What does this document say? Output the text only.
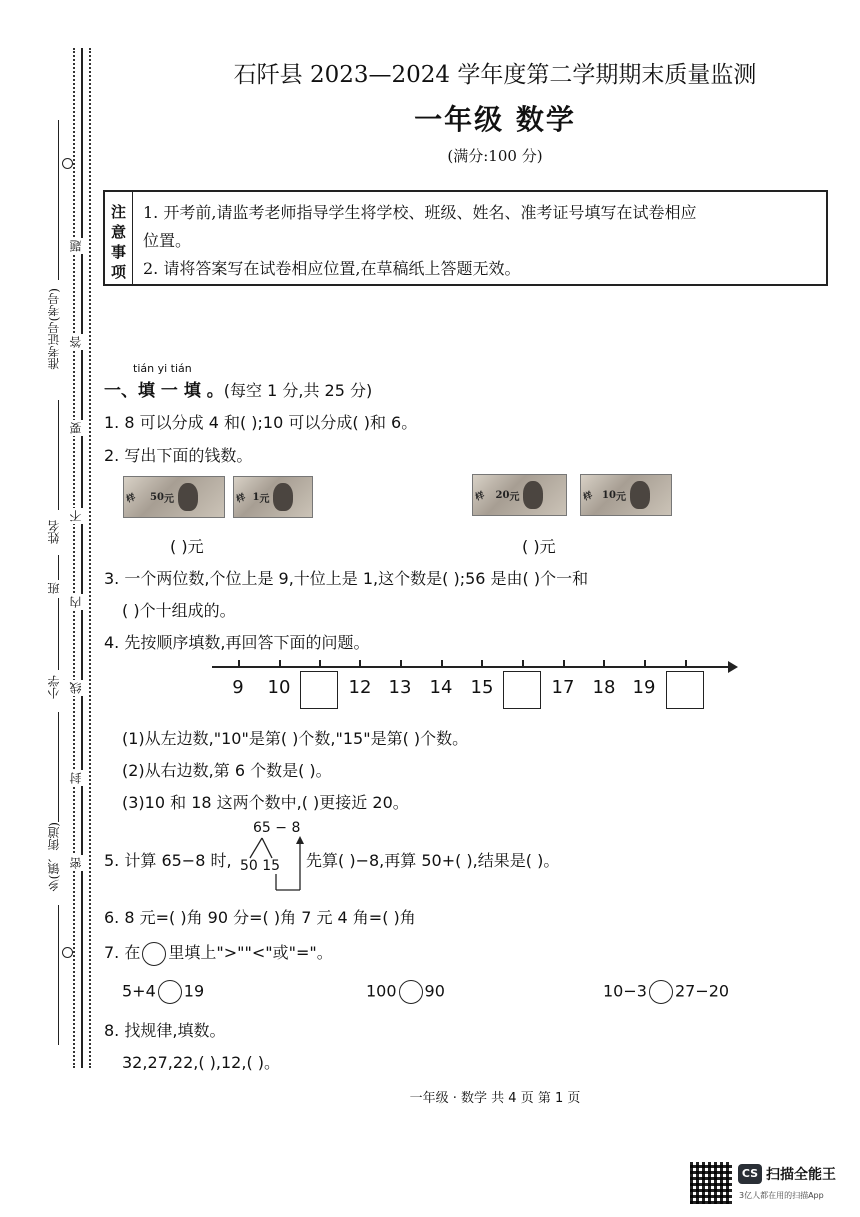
题
答
要
不
内
线
封
密
准考证号(考号)
姓名
班
小学
乡(镇、街道)
石阡县 2023—2024 学年度第二学期期末质量监测
一年级 数学
(满分:100 分)
注
意
事
项
1. 开考前,请监考老师指导学生将学校、班级、姓名、准考证号填写在试卷相应
位置。
2. 请将答案写在试卷相应位置,在草稿纸上答题无效。
tián yi tián
一、填 一 填 。(每空 1 分,共 25 分)
1. 8 可以分成 4 和( );10 可以分成( )和 6。
2. 写出下面的钱数。
样 50 元	样 1 元	样 20 元	样 10 元
( )元	( )元
3. 一个两位数,个位上是 9,十位上是 1,这个数是( );56 是由( )个一和
( )个十组成的。
4. 先按顺序填数,再回答下面的问题。
9	10	12 13	14	15	17	18 19
(1)从左边数,"10"是第( )个数,"15"是第( )个数。
(2)从右边数,第 6 个数是( )。
(3)10 和 18 这两个数中,( )更接近 20。
5. 计算 65−8 时,
65 − 8
50 15 先算( )−8,再算 50+( ),结果是( )。
6. 8 元=( )角 90 分=( )角 7 元 4 角=( )角
7. 在 里填上">""<"或"="。
5+4 19	100 90	10−3 27−20
8. 找规律,填数。
32,27,22,( ),12,( )。
一年级 · 数学 共 4 页 第 1 页
CS 扫描全能王
3亿人都在用的扫描App
